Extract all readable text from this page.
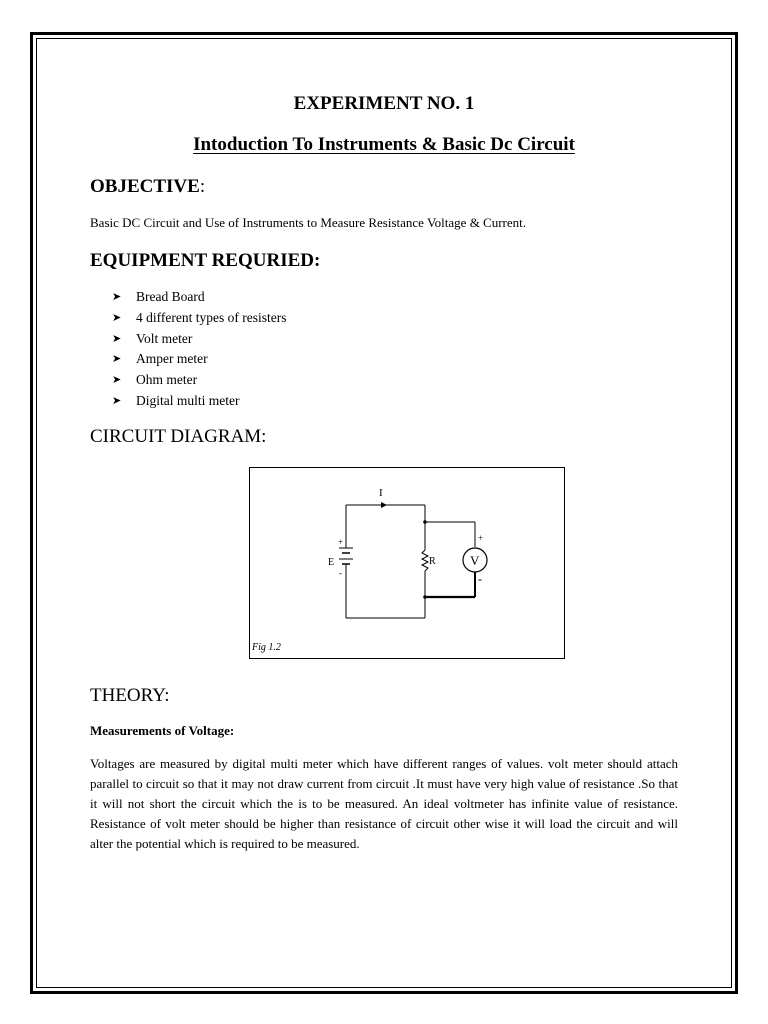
EXPERIMENT NO. 1
Intoduction To Instruments & Basic Dc Circuit
OBJECTIVE:
Basic DC Circuit and Use of Instruments to Measure Resistance Voltage & Current.
EQUIPMENT REQURIED:
➤	Bread Board
➤	4 different types of resisters
➤	Volt meter
➤	Amper meter
➤	Ohm meter
➤	Digital multi meter
CIRCUIT DIAGRAM:
I
+
-
E	R	V
+
-
Fig 1.2
THEORY:
Measurements of Voltage:
Voltages are measured by digital multi meter which have different ranges of values. volt meter should attach parallel to circuit so that it may not draw current from circuit .It must have very high value of resistance .So that it will not short the circuit which the is to be measured. An ideal voltmeter has infinite value of resistance. Resistance of volt meter should be higher than resistance of circuit other wise it will load the circuit and will alter the potential which is required to be measured.
